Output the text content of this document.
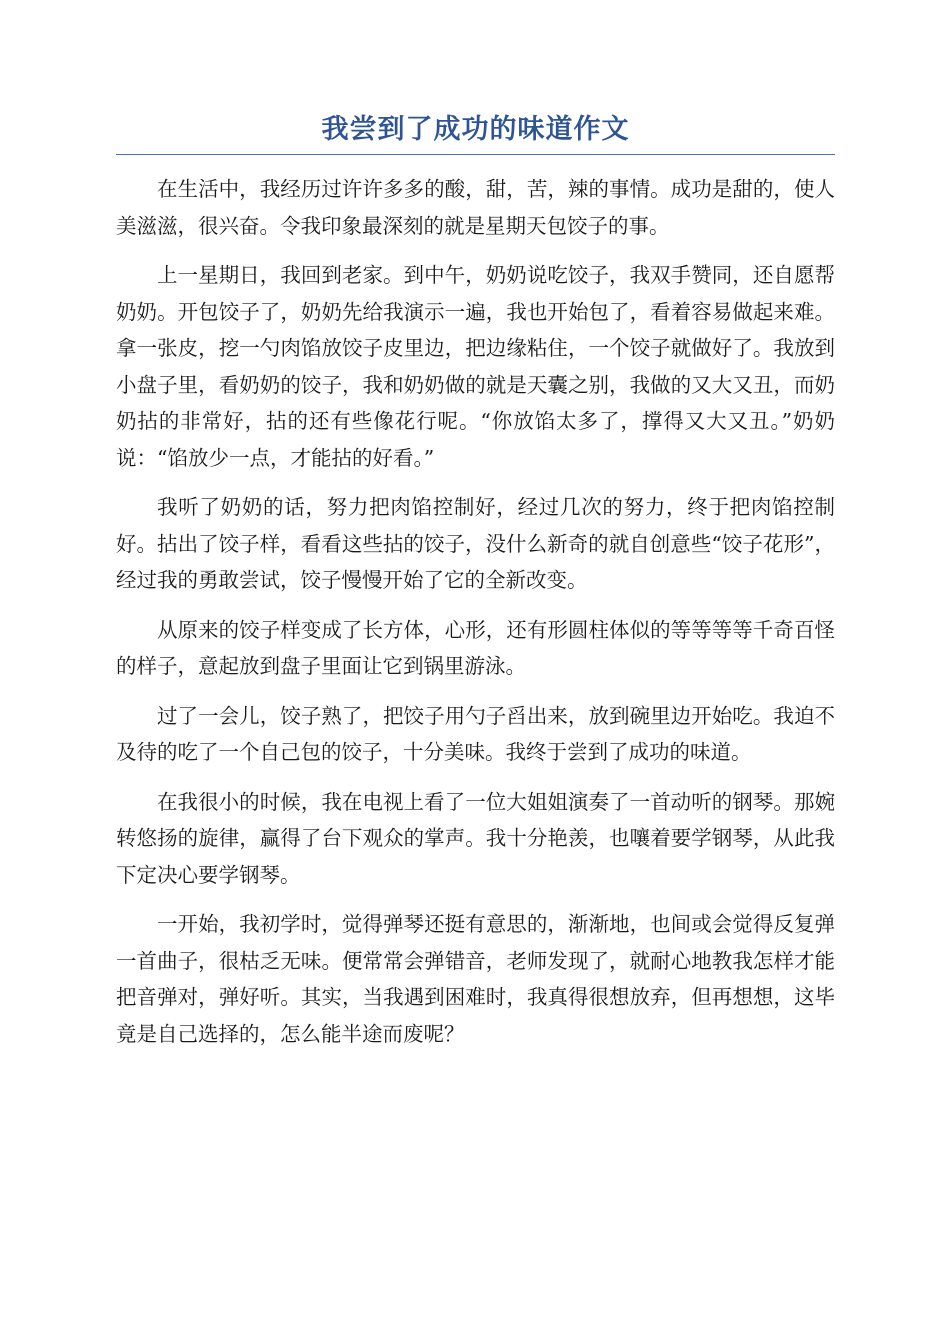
我尝到了成功的味道作文

在生活中，我经历过许许多多的酸，甜，苦，辣的事情。成功是甜的，使人美滋滋，很兴奋。令我印象最深刻的就是星期天包饺子的事。

上一星期日，我回到老家。到中午，奶奶说吃饺子，我双手赞同，还自愿帮奶奶。开包饺子了，奶奶先给我演示一遍，我也开始包了，看着容易做起来难。拿一张皮，挖一勺肉馅放饺子皮里边，把边缘粘住，一个饺子就做好了。我放到小盘子里，看奶奶的饺子，我和奶奶做的就是天囊之别，我做的又大又丑，而奶奶拈的非常好，拈的还有些像花行呢。“你放馅太多了，撑得又大又丑。”奶奶说：“馅放少一点，才能拈的好看。”

我听了奶奶的话，努力把肉馅控制好，经过几次的努力，终于把肉馅控制好。拈出了饺子样，看看这些拈的饺子，没什么新奇的就自创意些“饺子花形”，经过我的勇敢尝试，饺子慢慢开始了它的全新改变。

从原来的饺子样变成了长方体，心形，还有形圆柱体似的等等等等千奇百怪的样子，意起放到盘子里面让它到锅里游泳。

过了一会儿，饺子熟了，把饺子用勺子舀出来，放到碗里边开始吃。我迫不及待的吃了一个自己包的饺子，十分美味。我终于尝到了成功的味道。

在我很小的时候，我在电视上看了一位大姐姐演奏了一首动听的钢琴。那婉转悠扬的旋律，赢得了台下观众的掌声。我十分艳羡，也嚷着要学钢琴，从此我下定决心要学钢琴。

一开始，我初学时，觉得弹琴还挺有意思的，渐渐地，也间或会觉得反复弹一首曲子，很枯乏无味。便常常会弹错音，老师发现了，就耐心地教我怎样才能把音弹对，弹好听。其实，当我遇到困难时，我真得很想放弃，但再想想，这毕竟是自己选择的，怎么能半途而废呢？
